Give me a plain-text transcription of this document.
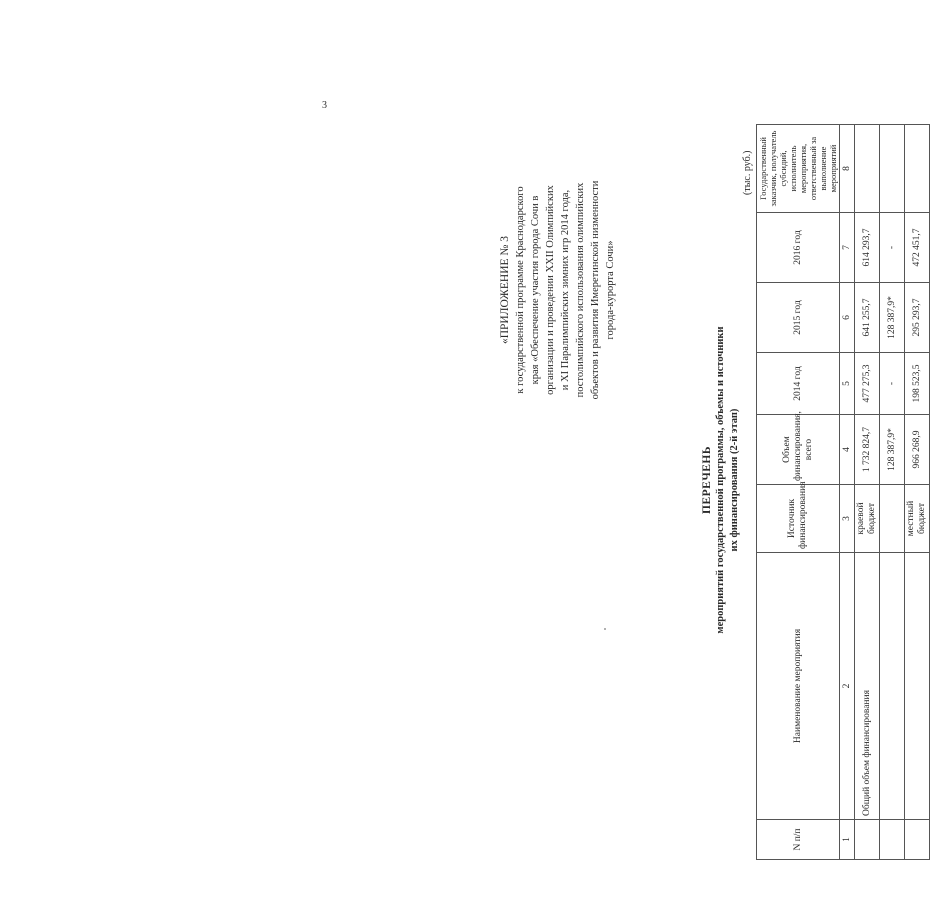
3
«ПРИЛОЖЕНИЕ № 3 к государственной программе Краснодарского края «Обеспечение участия города Сочи в организации и проведении XXII Олимпийских и XI Паралимпийских зимних игр 2014 года, постолимпийского использования олимпийских объектов и развития Имеретинской низменности города-курорта Сочи»
ПЕРЕЧЕНЬ мероприятий государственной программы, объемы и источники их финансирования (2-й этап)
(тыс. руб.)
N п/п	Наименование мероприятия	Источник финансирования	Объем финансирования, всего	2014 год	2015 год	2016 год	Государственный заказчик, получатель субсидий, исполнитель мероприятия, ответственный за выполнение мероприятий
1	2	3	4	5	6	7	8
	Общий объем финансирования	краевой бюджет	1 732 824,7	477 275,3	641 255,7	614 293,7	
			128 387,9*	-	128 387,9*	-	
		местный бюджет	966 268,9	198 523,5	295 293,7	472 451,7	
